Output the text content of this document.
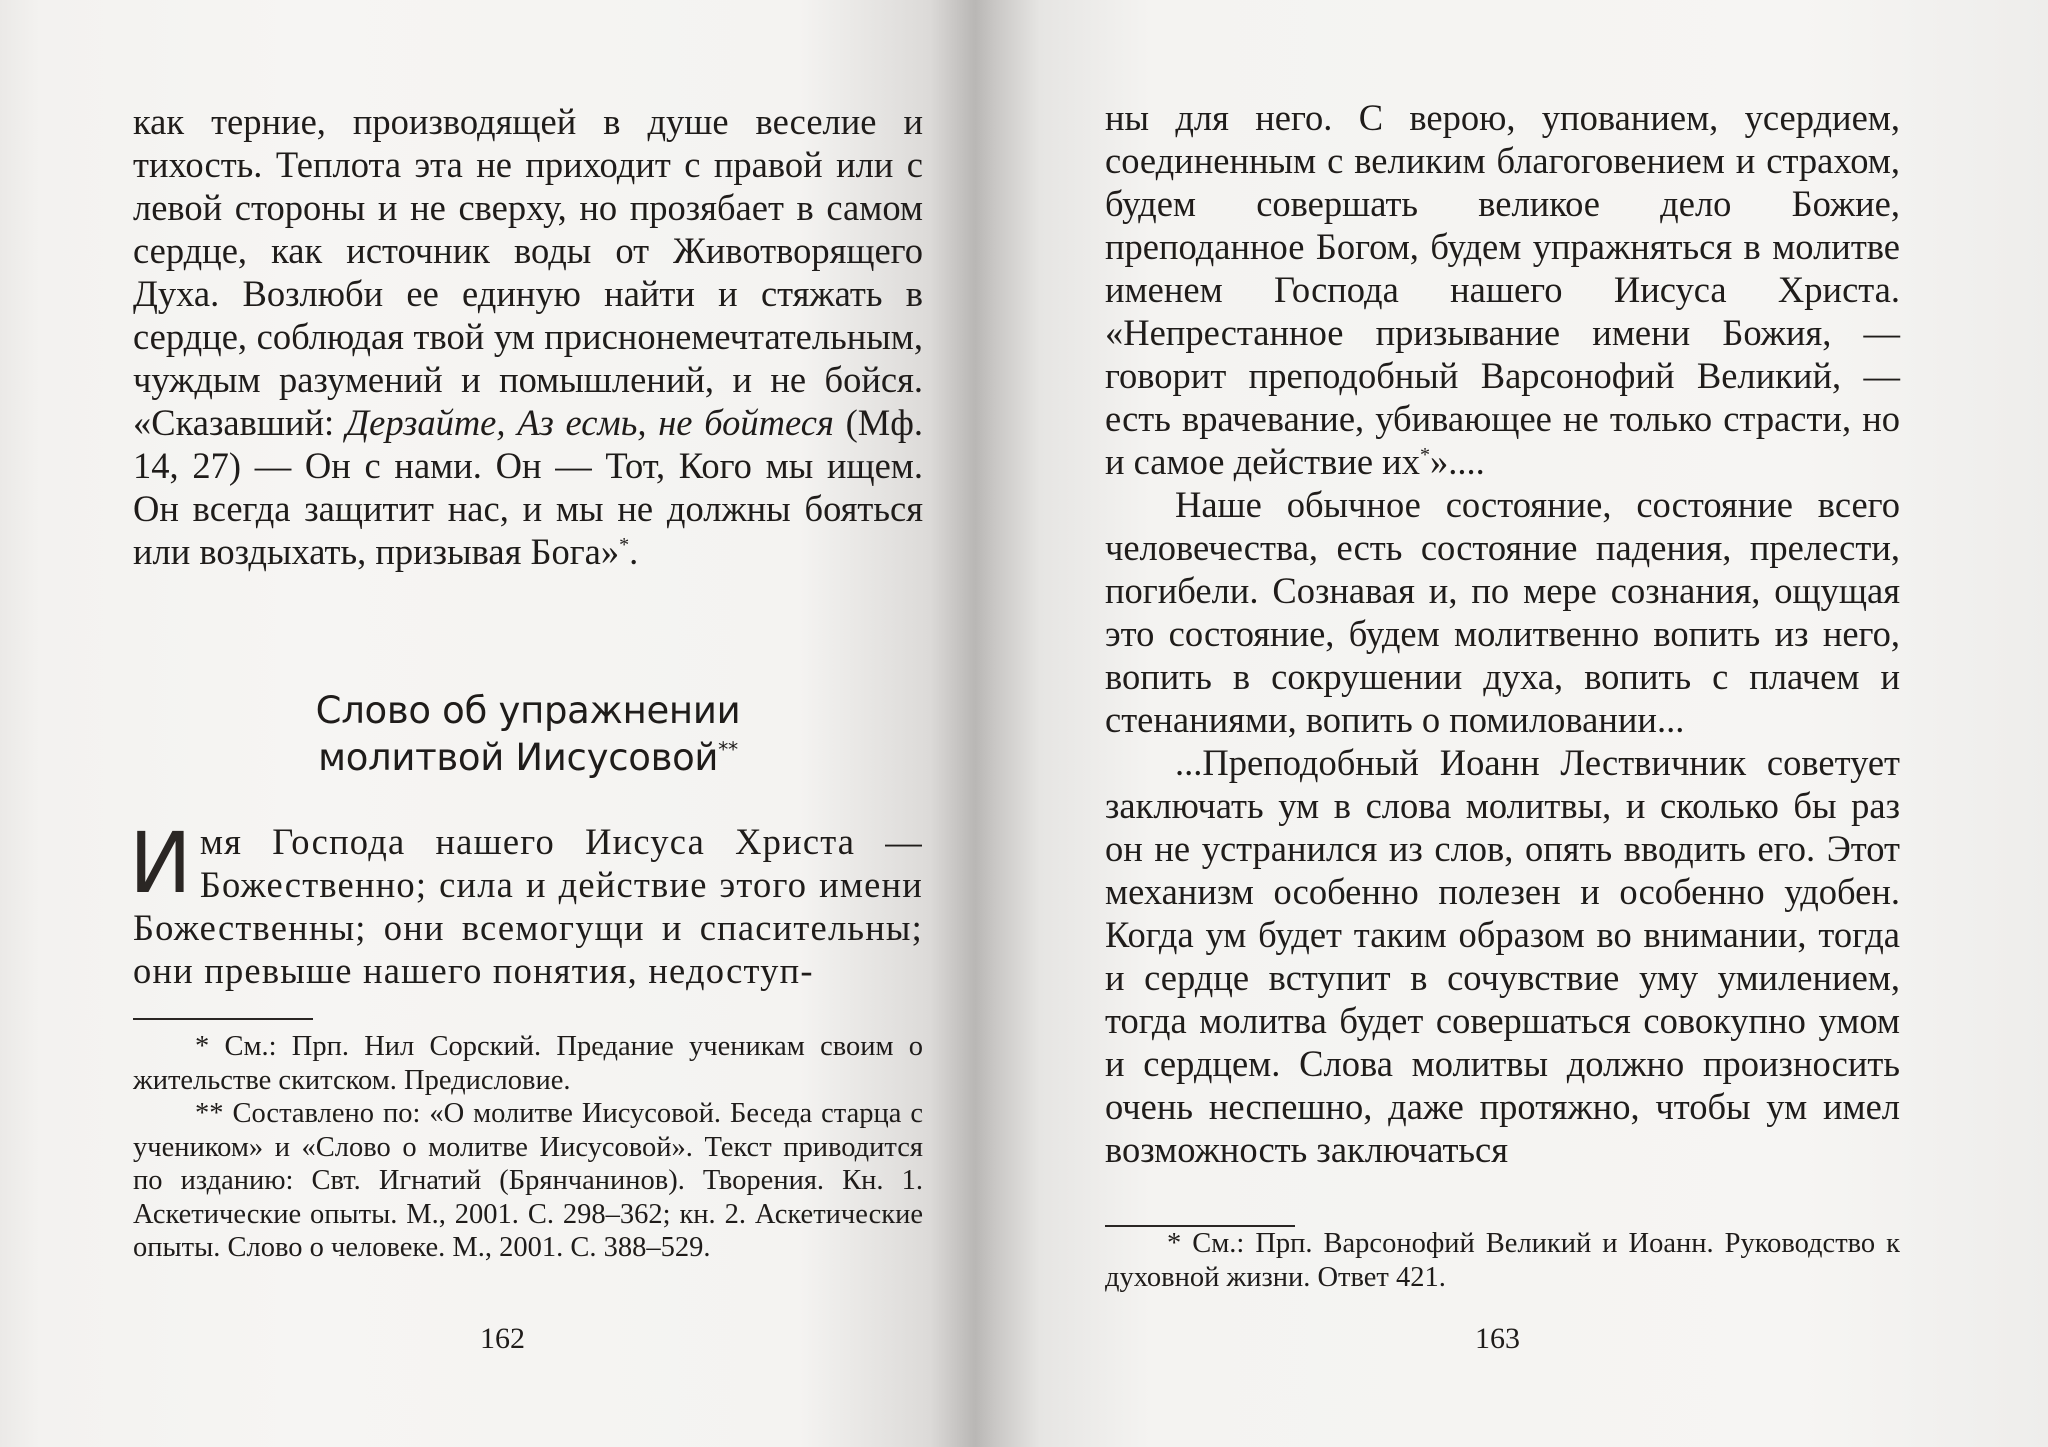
как терние, производящей в душе веселие и тихость. Теплота эта не приходит с правой или с левой стороны и не сверху, но прозябает в самом сердце, как источник воды от Животворящего Духа. Возлюби ее единую найти и стяжать в сердце, соблюдая твой ум приснонемечтательным, чуждым разумений и помышлений, и не бойся. «Сказавший: Дерзайте, Аз есмь, не бойтеся (Мф. 14, 27) — Он с нами. Он — Тот, Кого мы ищем. Он всегда защитит нас, и мы не должны бояться или воздыхать, призывая Бога»*.

Слово об упражнении
молитвой Иисусовой**

И мя Господа нашего Иисуса Христа — Божественно; сила и действие этого имени Божественны; они всемогущи и спасительны; они превыше нашего понятия, недоступ-

* См.: Прп. Нил Сорский. Предание ученикам своим о жительстве скитском. Предисловие.

** Составлено по: «О молитве Иисусовой. Беседа старца с учеником» и «Слово о молитве Иисусовой». Текст приводится по изданию: Свт. Игнатий (Брянчанинов). Творения. Кн. 1. Аскетические опыты. М., 2001. С. 298–362; кн. 2. Аскетические опыты. Слово о человеке. М., 2001. С. 388–529.

162

ны для него. С верою, упованием, усердием, соединенным с великим благоговением и страхом, будем совершать великое дело Божие, преподанное Богом, будем упражняться в молитве именем Господа нашего Иисуса Христа. «Непрестанное призывание имени Божия, — говорит преподобный Варсонофий Великий, — есть врачевание, убивающее не только страсти, но и самое действие их*»....

Наше обычное состояние, состояние всего человечества, есть состояние падения, прелести, погибели. Сознавая и, по мере сознания, ощущая это состояние, будем молитвенно вопить из него, вопить в сокрушении духа, вопить с плачем и стенаниями, вопить о помиловании...

...Преподобный Иоанн Лествичник советует заключать ум в слова молитвы, и сколько бы раз он не устранился из слов, опять вводить его. Этот механизм особенно полезен и особенно удобен. Когда ум будет таким образом во внимании, тогда и сердце вступит в сочувствие уму умилением, тогда молитва будет совершаться совокупно умом и сердцем. Слова молитвы должно произносить очень неспешно, даже протяжно, чтобы ум имел возможность заключаться

* См.: Прп. Варсонофий Великий и Иоанн. Руководство к духовной жизни. Ответ 421.

163
